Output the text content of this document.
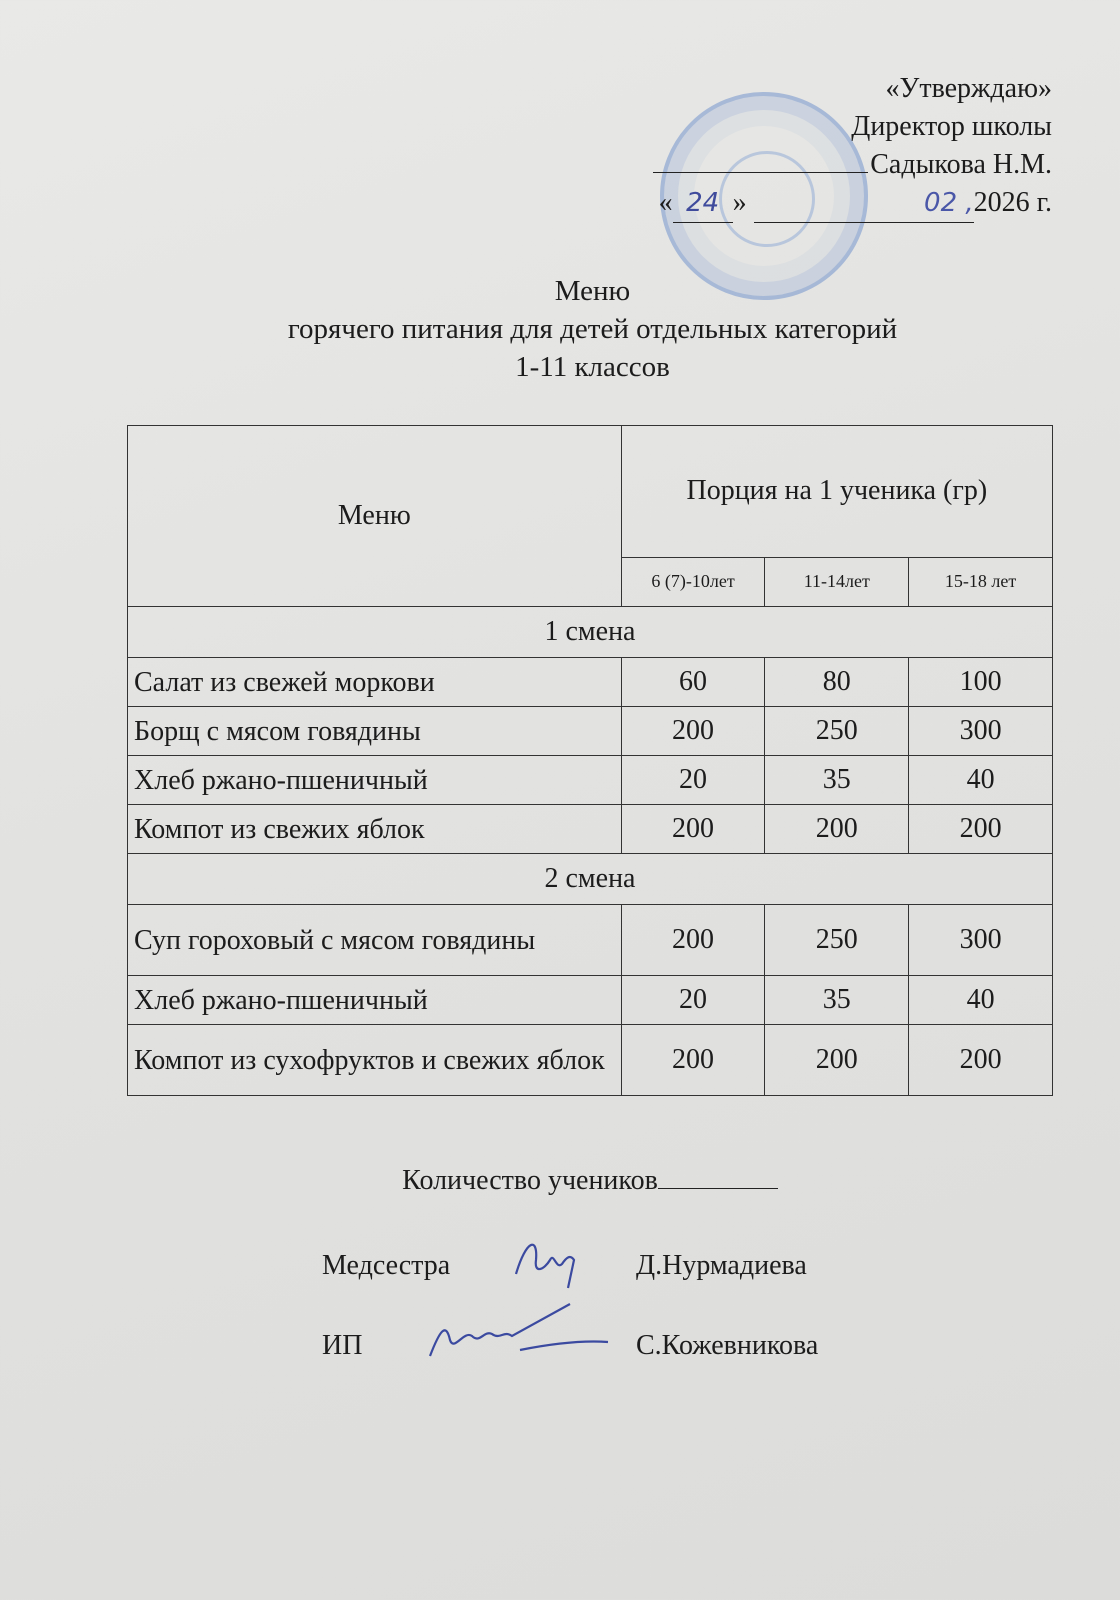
«Утверждаю»
Директор школы
Садыкова Н.М.
« 24 »	02 ,2026 г.
Меню
горячего питания для детей отдельных категорий
1-11 классов
Меню	Порция на 1 ученика (гр)		
	6 (7)-10лет	11-14лет	15-18 лет
1 смена			
Салат из свежей моркови	60	80	100
Борщ с мясом говядины	200	250	300
Хлеб ржано-пшеничный	20	35	40
Компот из свежих яблок	200	200	200
2 смена			
Суп гороховый с мясом говядины	200	250	300
Хлеб ржано-пшеничный	20	35	40
Компот из сухофруктов и свежих яблок	200	200	200
Количество учеников
Медсестра	Д.Нурмадиева
ИП	С.Кожевникова
